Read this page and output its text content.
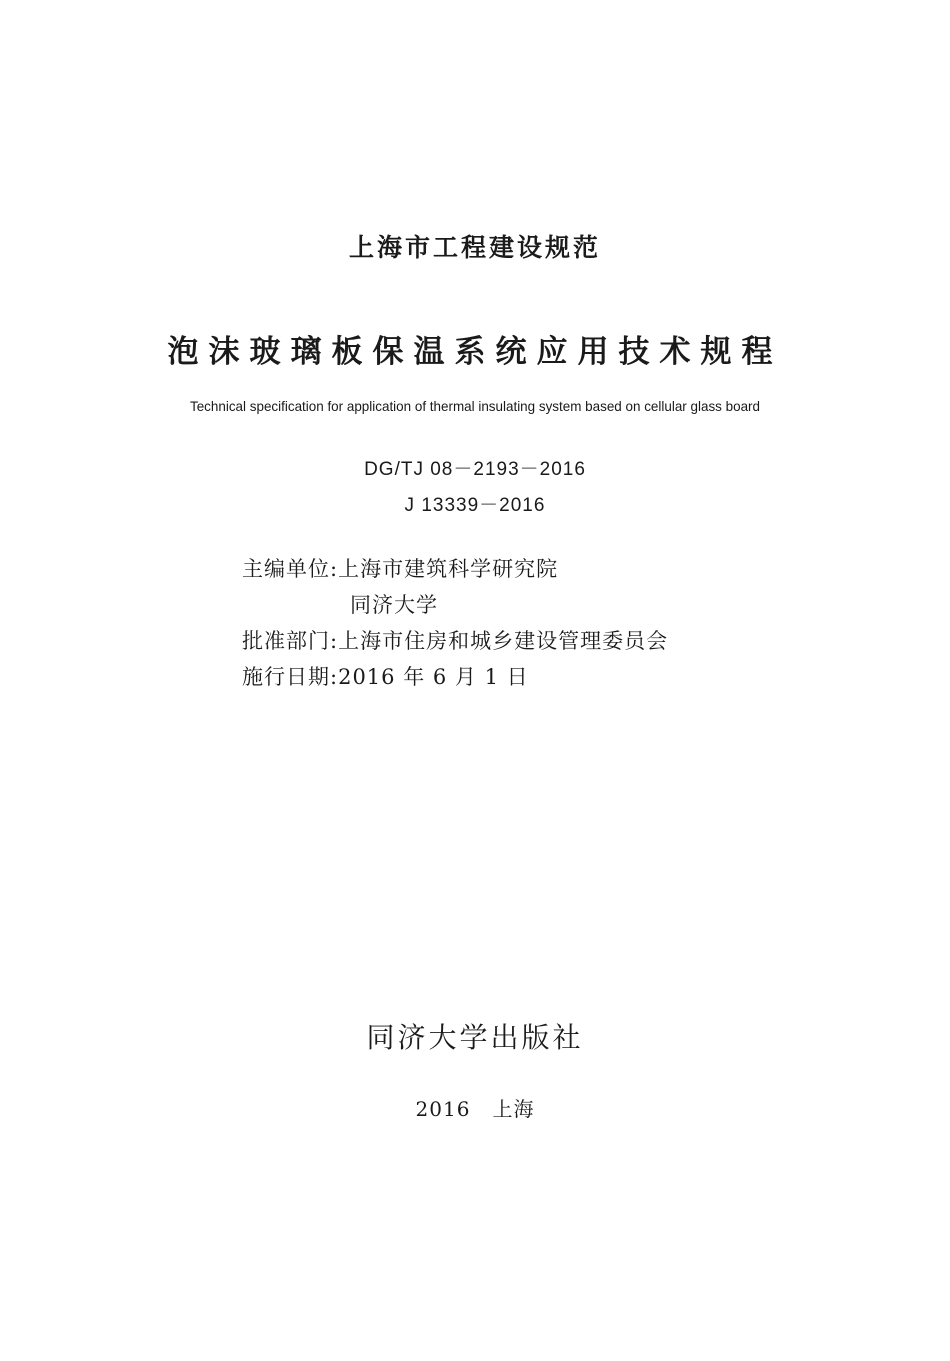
上海市工程建设规范
泡沫玻璃板保温系统应用技术规程
Technical specification for application of thermal insulating system based on cellular glass board
DG/TJ 08－2193－2016
J 13339－2016
主编单位:上海市建筑科学研究院
同济大学
批准部门:上海市住房和城乡建设管理委员会
施行日期:2016 年 6 月 1 日
同济大学出版社
2016 上海
